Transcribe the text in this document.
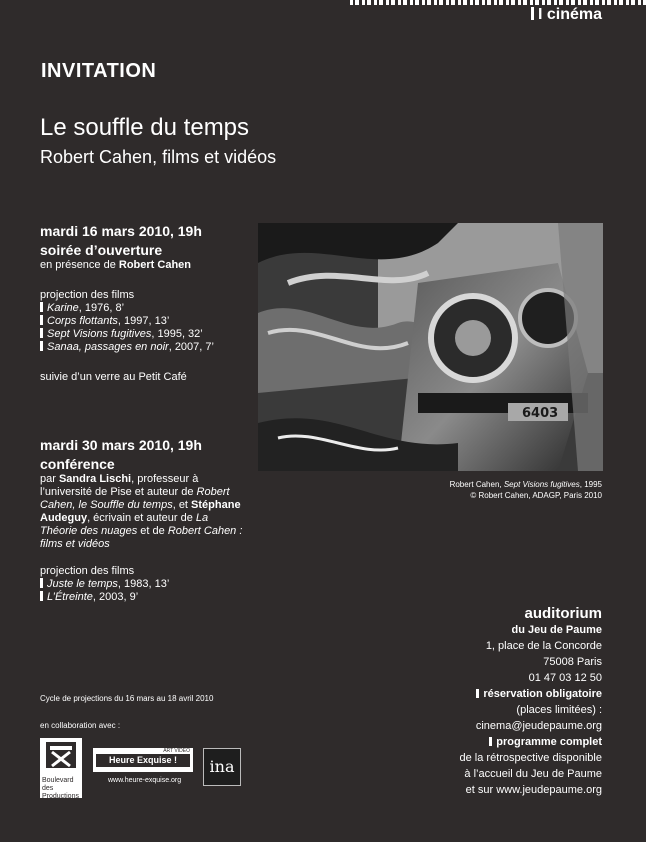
I cinéma
INVITATION
Le souffle du temps
Robert Cahen, films et vidéos
mardi 16 mars 2010, 19h
soirée d’ouverture
en présence de Robert Cahen
projection des films
Karine, 1976, 8’
Corps flottants, 1997, 13’
Sept Visions fugitives, 1995, 32’
Sanaa, passages en noir, 2007, 7’
suivie d’un verre au Petit Café
mardi 30 mars 2010, 19h
conférence
par Sandra Lischi, professeur à l’université de Pise et auteur de Robert Cahen, le Souffle du temps, et Stéphane Audeguy, écrivain et auteur de La Théorie des nuages et de Robert Cahen : films et vidéos
projection des films
Juste le temps, 1983, 13’
L’Étreinte, 2003, 9’
6403
Robert Cahen, Sept Visions fugitives, 1995
© Robert Cahen, ADAGP, Paris 2010
auditorium
du Jeu de Paume
1, place de la Concorde
75008 Paris
01 47 03 12 50
réservation obligatoire
(places limitées) :
cinema@jeudepaume.org
programme complet
de la rétrospective disponible
à l’accueil du Jeu de Paume
et sur www.jeudepaume.org
Cycle de projections du 16 mars au 18 avril 2010
en collaboration avec :
Boulevard des Productions
ART VIDEO
Heure Exquise !
www.heure-exquise.org
ina
